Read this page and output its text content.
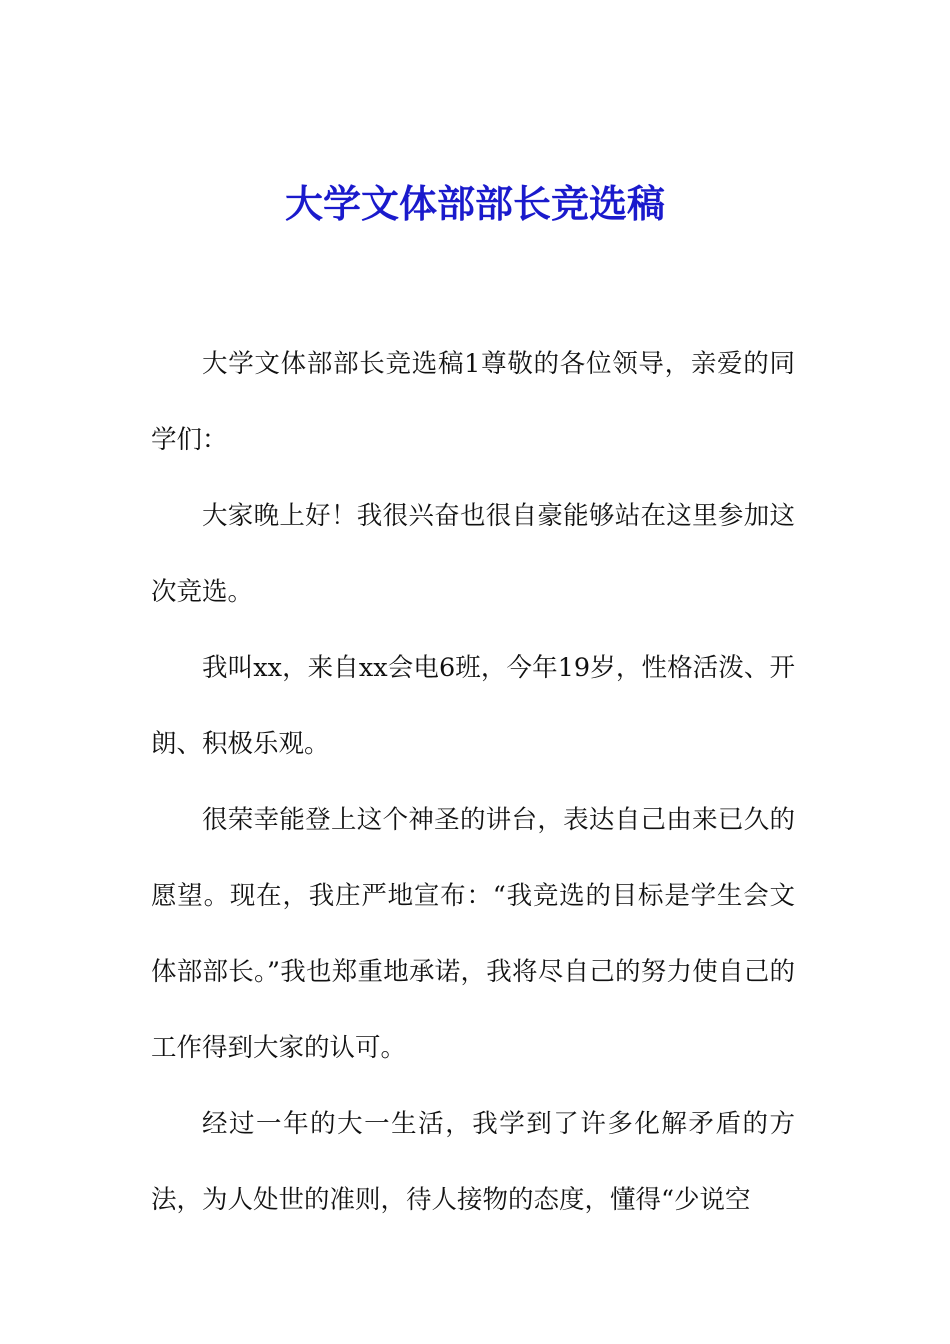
大学文体部部长竞选稿

大学文体部部长竞选稿1尊敬的各位领导，亲爱的同学们：

大家晚上好！我很兴奋也很自豪能够站在这里参加这次竞选。

我叫xx，来自xx会电6班，今年19岁，性格活泼、开朗、积极乐观。

很荣幸能登上这个神圣的讲台，表达自己由来已久的愿望。现在，我庄严地宣布：“我竞选的目标是学生会文体部部长。”我也郑重地承诺，我将尽自己的努力使自己的工作得到大家的认可。

经过一年的大一生活，我学到了许多化解矛盾的方法，为人处世的准则，待人接物的态度，懂得“少说空
